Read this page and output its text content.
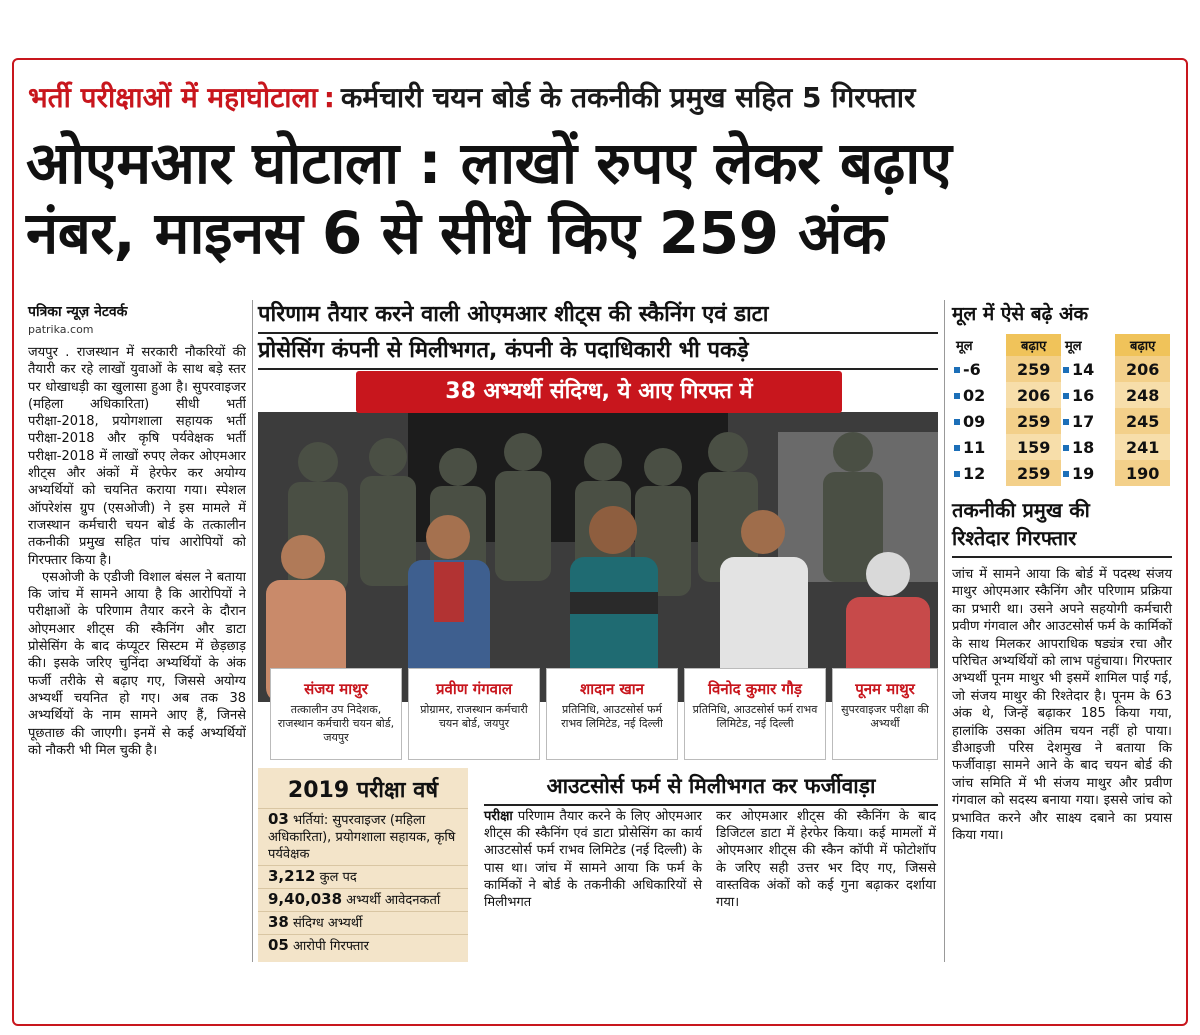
भर्ती परीक्षाओं में महाघोटाला : कर्मचारी चयन बोर्ड के तकनीकी प्रमुख सहित 5 गिरफ्तार
ओएमआर घोटाला : लाखों रुपए लेकर बढ़ाए
नंबर, माइनस 6 से सीधे किए 259 अंक
पत्रिका न्यूज़ नेटवर्क
patrika.com

जयपुर . राजस्थान में सरकारी नौकरियों की तैयारी कर रहे लाखों युवाओं के साथ बड़े स्तर पर धोखाधड़ी का खुलासा हुआ है। सुपरवाइजर (महिला अधिकारिता) सीधी भर्ती परीक्षा-2018, प्रयोगशाला सहायक भर्ती परीक्षा-2018 और कृषि पर्यवेक्षक भर्ती परीक्षा-2018 में लाखों रुपए लेकर ओएमआर शीट्स और अंकों में हेरफेर कर अयोग्य अभ्यर्थियों को चयनित कराया गया। स्पेशल ऑपरेशंस ग्रुप (एसओजी) ने इस मामले में राजस्थान कर्मचारी चयन बोर्ड के तत्कालीन तकनीकी प्रमुख सहित पांच आरोपियों को गिरफ्तार किया है।

एसओजी के एडीजी विशाल बंसल ने बताया कि जांच में सामने आया है कि आरोपियों ने परीक्षाओं के परिणाम तैयार करने के दौरान ओएमआर शीट्स की स्कैनिंग और डाटा प्रोसेसिंग के बाद कंप्यूटर सिस्टम में छेड़छाड़ की। इसके जरिए चुनिंदा अभ्यर्थियों के अंक फर्जी तरीके से बढ़ाए गए, जिससे अयोग्य अभ्यर्थी चयनित हो गए। अब तक 38 अभ्यर्थियों के नाम सामने आए हैं, जिनसे पूछताछ की जाएगी। इनमें से कई अभ्यर्थियों को नौकरी भी मिल चुकी है।

परिणाम तैयार करने वाली ओएमआर शीट्स की स्कैनिंग एवं डाटा
प्रोसेसिंग कंपनी से मिलीभगत, कंपनी के पदाधिकारी भी पकड़े
38 अभ्यर्थी संदिग्ध, ये आए गिरफ्त में
संजय माथुर
तत्कालीन उप निदेशक, राजस्थान कर्मचारी चयन बोर्ड, जयपुर
प्रवीण गंगवाल
प्रोग्रामर, राजस्थान कर्मचारी चयन बोर्ड, जयपुर
शादान खान
प्रतिनिधि, आउटसोर्स फर्म राभव लिमिटेड, नई दिल्ली
विनोद कुमार गौड़
प्रतिनिधि, आउटसोर्स फर्म राभव लिमिटेड, नई दिल्ली
पूनम माथुर
सुपरवाइजर परीक्षा की अभ्यर्थी
2019 परीक्षा वर्ष
03 भर्तियां: सुपरवाइजर (महिला अधिकारिता), प्रयोगशाला सहायक, कृषि पर्यवेक्षक
3,212 कुल पद
9,40,038 अभ्यर्थी आवेदनकर्ता
38 संदिग्ध अभ्यर्थी
05 आरोपी गिरफ्तार
आउटसोर्स फर्म से मिलीभगत कर फर्जीवाड़ा
परीक्षा परिणाम तैयार करने के लिए ओएमआर शीट्स की स्कैनिंग एवं डाटा प्रोसेसिंग का कार्य आउटसोर्स फर्म राभव लिमिटेड (नई दिल्ली) के पास था। जांच में सामने आया कि फर्म के कार्मिकों ने बोर्ड के तकनीकी अधिकारियों से मिलीभगत
कर ओएमआर शीट्स की स्कैनिंग के बाद डिजिटल डाटा में हेरफेर किया। कई मामलों में ओएमआर शीट्स की स्कैन कॉपी में फोटोशॉप के जरिए सही उत्तर भर दिए गए, जिससे वास्तविक अंकों को कई गुना बढ़ाकर दर्शाया गया।
मूल में ऐसे बढ़े अंक
मूल	बढ़ाए	मूल	बढ़ाए
-6	259	14	206
02	206	16	248
09	259	17	245
11	159	18	241
12	259	19	190
तकनीकी प्रमुख की
रिश्तेदार गिरफ्तार
जांच में सामने आया कि बोर्ड में पदस्थ संजय माथुर ओएमआर स्कैनिंग और परिणाम प्रक्रिया का प्रभारी था। उसने अपने सहयोगी कर्मचारी प्रवीण गंगवाल और आउटसोर्स फर्म के कार्मिकों के साथ मिलकर आपराधिक षड्यंत्र रचा और परिचित अभ्यर्थियों को लाभ पहुंचाया। गिरफ्तार अभ्यर्थी पूनम माथुर भी इसमें शामिल पाई गई, जो संजय माथुर की रिश्तेदार है। पूनम के 63 अंक थे, जिन्हें बढ़ाकर 185 किया गया, हालांकि उसका अंतिम चयन नहीं हो पाया। डीआइजी परिस देशमुख ने बताया कि फर्जीवाड़ा सामने आने के बाद चयन बोर्ड की जांच समिति में भी संजय माथुर और प्रवीण गंगवाल को सदस्य बनाया गया। इससे जांच को प्रभावित करने और साक्ष्य दबाने का प्रयास किया गया।
